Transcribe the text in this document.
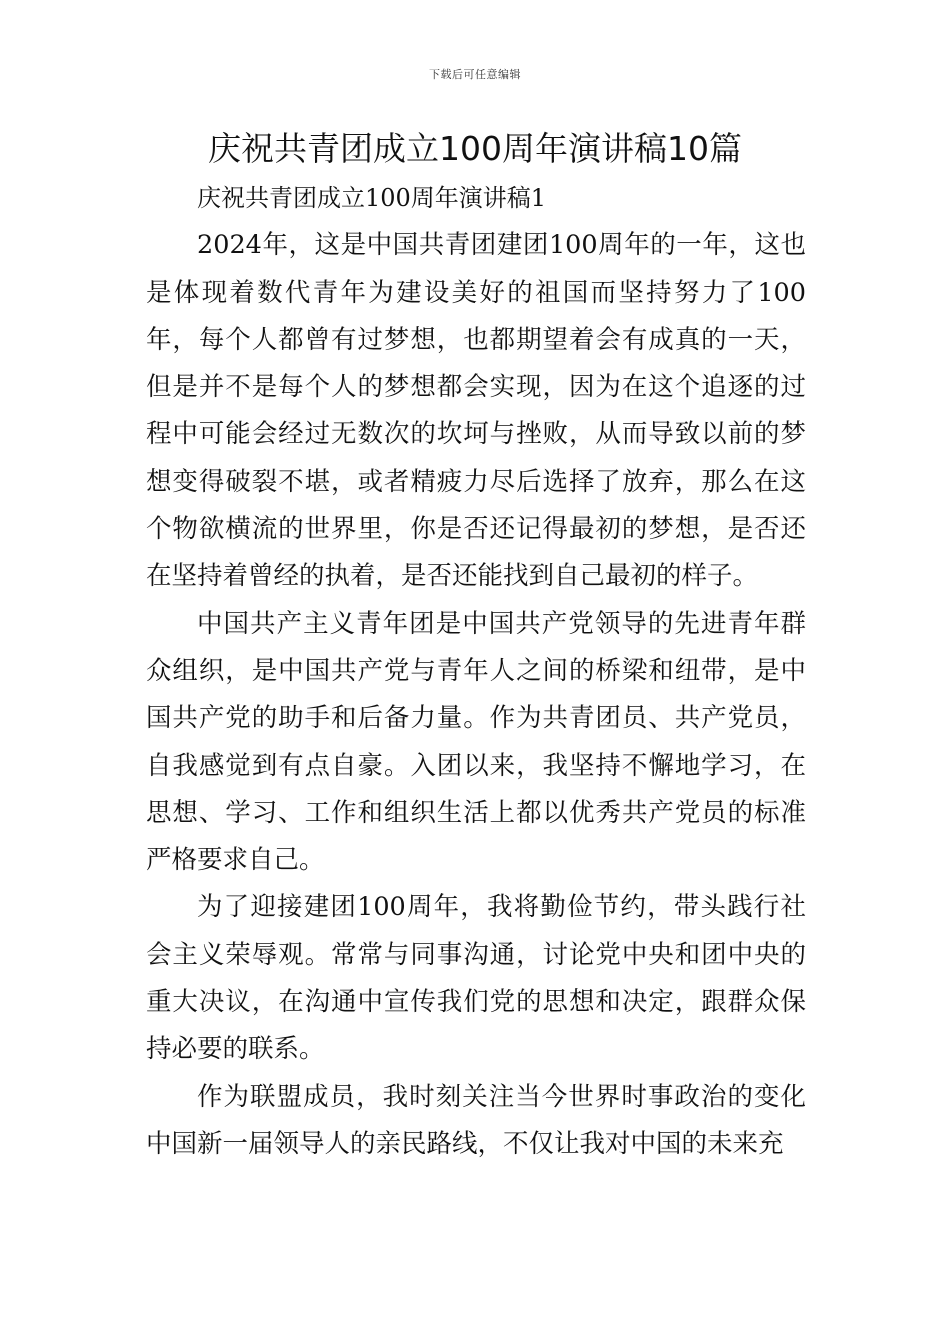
下载后可任意编辑
庆祝共青团成立100周年演讲稿10篇

庆祝共青团成立100周年演讲稿1

2024年，这是中国共青团建团100周年的一年，这也是体现着数代青年为建设美好的祖国而坚持努力了100年，每个人都曾有过梦想，也都期望着会有成真的一天，但是并不是每个人的梦想都会实现，因为在这个追逐的过程中可能会经过无数次的坎坷与挫败，从而导致以前的梦想变得破裂不堪，或者精疲力尽后选择了放弃，那么在这个物欲横流的世界里，你是否还记得最初的梦想，是否还在坚持着曾经的执着，是否还能找到自己最初的样子。

中国共产主义青年团是中国共产党领导的先进青年群众组织，是中国共产党与青年人之间的桥梁和纽带，是中国共产党的助手和后备力量。作为共青团员、共产党员，自我感觉到有点自豪。入团以来，我坚持不懈地学习，在思想、学习、工作和组织生活上都以优秀共产党员的标准严格要求自己。

为了迎接建团100周年，我将勤俭节约，带头践行社会主义荣辱观。常常与同事沟通，讨论党中央和团中央的重大决议，在沟通中宣传我们党的思想和决定，跟群众保持必要的联系。

作为联盟成员，我时刻关注当今世界时事政治的变化中国新一届领导人的亲民路线，不仅让我对中国的未来充
